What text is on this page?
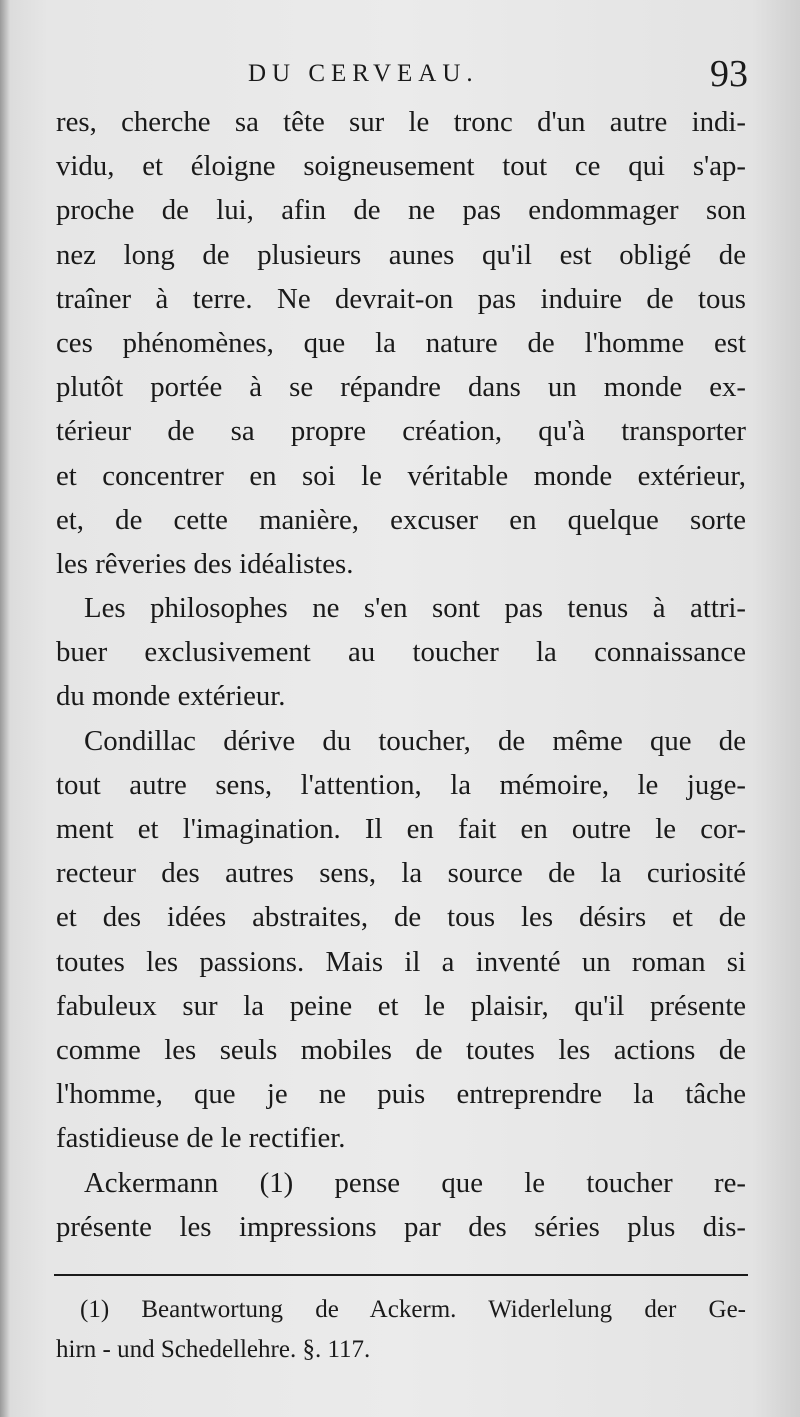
DU CERVEAU.	93
res, cherche sa tête sur le tronc d'un autre indi-
vidu, et éloigne soigneusement tout ce qui s'ap-
proche de lui, afin de ne pas endommager son
nez long de plusieurs aunes qu'il est obligé de
traîner à terre. Ne devrait-on pas induire de tous
ces phénomènes, que la nature de l'homme est
plutôt portée à se répandre dans un monde ex-
térieur de sa propre création, qu'à transporter
et concentrer en soi le véritable monde extérieur,
et, de cette manière, excuser en quelque sorte
les rêveries des idéalistes.
Les philosophes ne s'en sont pas tenus à attri-
buer exclusivement au toucher la connaissance
du monde extérieur.
Condillac dérive du toucher, de même que de
tout autre sens, l'attention, la mémoire, le juge-
ment et l'imagination. Il en fait en outre le cor-
recteur des autres sens, la source de la curiosité
et des idées abstraites, de tous les désirs et de
toutes les passions. Mais il a inventé un roman si
fabuleux sur la peine et le plaisir, qu'il présente
comme les seuls mobiles de toutes les actions de
l'homme, que je ne puis entreprendre la tâche
fastidieuse de le rectifier.
Ackermann (1) pense que le toucher re-
présente les impressions par des séries plus dis-
(1) Beantwortung de Ackerm. Widerlelung der Ge-
hirn - und Schedellehre. §. 117.
